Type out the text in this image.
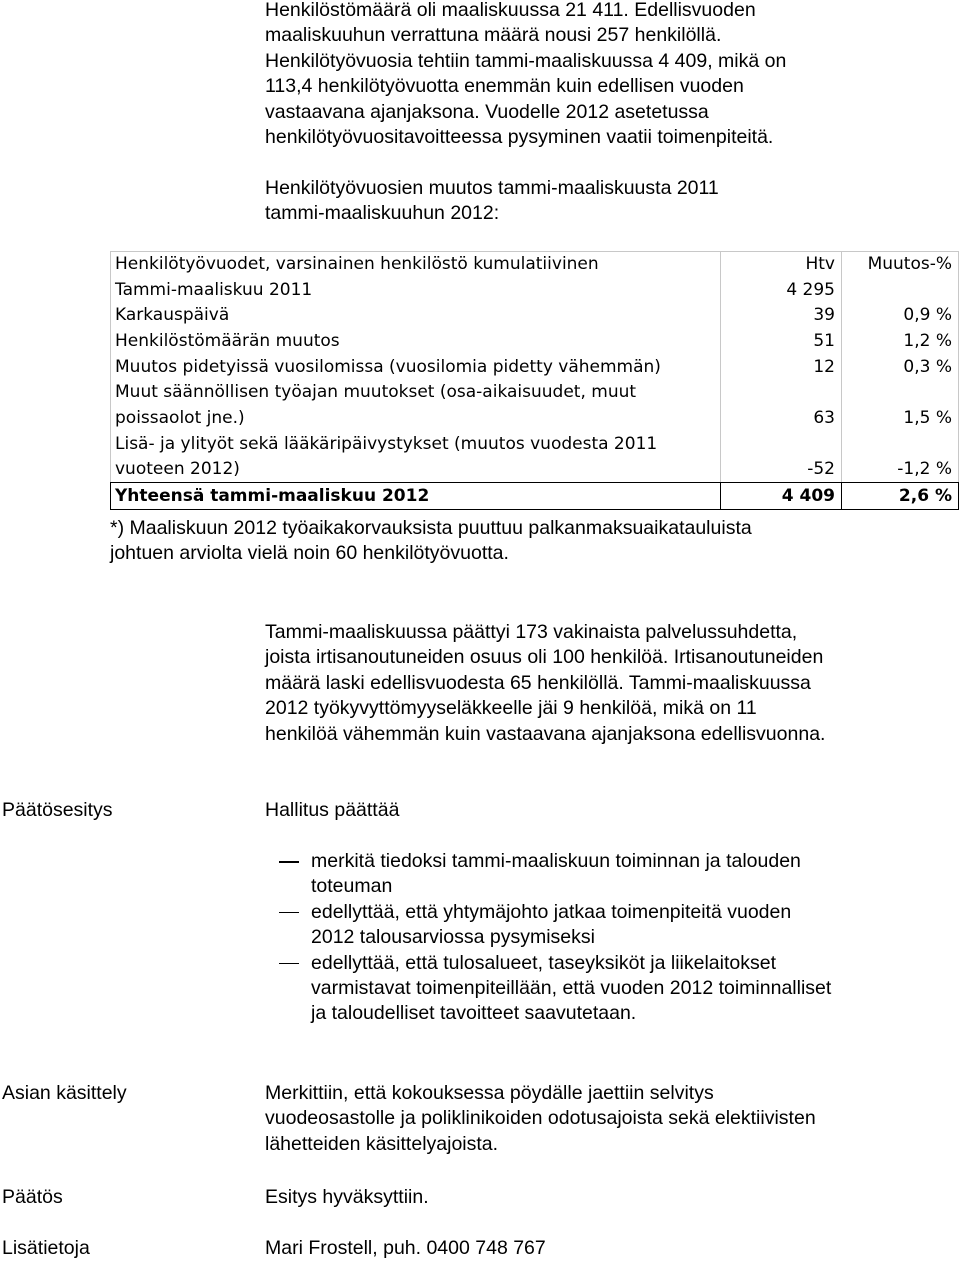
Henkilöstömäärä oli maaliskuussa 21 411. Edellisvuoden
maaliskuuhun verrattuna määrä nousi 257 henkilöllä.
Henkilötyövuosia tehtiin tammi-maaliskuussa 4 409, mikä on
113,4 henkilötyövuotta enemmän kuin edellisen vuoden
vastaavana ajanjaksona. Vuodelle 2012 asetetussa
henkilötyövuositavoitteessa pysyminen vaatii toimenpiteitä.
Henkilötyövuosien muutos tammi-maaliskuusta 2011
tammi-maaliskuuhun 2012:
Henkilötyövuodet, varsinainen henkilöstö kumulatiivinen	Htv	Muutos-%
Tammi-maaliskuu 2011	4 295	
Karkauspäivä	39	0,9 %
Henkilöstömäärän muutos	51	1,2 %
Muutos pidetyissä vuosilomissa (vuosilomia pidetty vähemmän)	12	0,3 %

Muut säännöllisen työajan muutokset (osa-aikaisuudet, muut
poissaolot jne.)	63	1,5 %

Lisä- ja ylityöt sekä lääkäripäivystykset (muutos vuodesta 2011
vuoteen 2012)	-52	-1,2 %
Yhteensä tammi-maaliskuu 2012	4 409	2,6 %
*) Maaliskuun 2012 työaikakorvauksista puuttuu palkanmaksuaikatauluista
johtuen arviolta vielä noin 60 henkilötyövuotta.
Tammi-maaliskuussa päättyi 173 vakinaista palvelussuhdetta,
joista irtisanoutuneiden osuus oli 100 henkilöä. Irtisanoutuneiden
määrä laski edellisvuodesta 65 henkilöllä. Tammi-maaliskuussa
2012 työkyvyttömyyseläkkeelle jäi 9 henkilöä, mikä on 11
henkilöä vähemmän kuin vastaavana ajanjaksona edellisvuonna.
Päätösesitys	Hallitus päättää
merkitä tiedoksi tammi-maaliskuun toiminnan ja talouden
toteuman
edellyttää, että yhtymäjohto jatkaa toimenpiteitä vuoden
2012 talousarviossa pysymiseksi
edellyttää, että tulosalueet, taseyksiköt ja liikelaitokset
varmistavat toimenpiteillään, että vuoden 2012 toiminnalliset
ja taloudelliset tavoitteet saavutetaan.
Asian käsittely	Merkittiin, että kokouksessa pöydälle jaettiin selvitys
vuodeosastolle ja poliklinikoiden odotusajoista sekä elektiivisten
lähetteiden käsittelyajoista.
Päätös	Esitys hyväksyttiin.
Lisätietoja	Mari Frostell, puh. 0400 748 767
